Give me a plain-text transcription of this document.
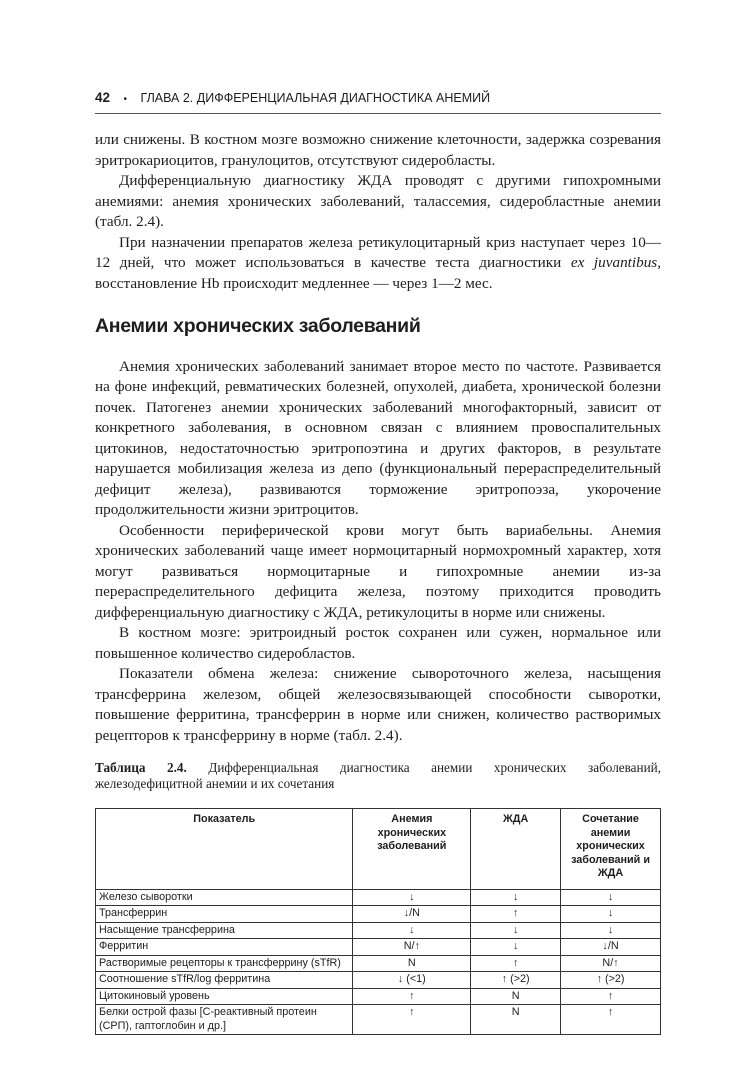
42 • ГЛАВА 2. ДИФФЕРЕНЦИАЛЬНАЯ ДИАГНОСТИКА АНЕМИЙ

или снижены. В костном мозге возможно снижение клеточности, задержка созревания эритрокариоцитов, гранулоцитов, отсутствуют сидеробласты.

Дифференциальную диагностику ЖДА проводят с другими гипохромными анемиями: анемия хронических заболеваний, талассемия, сидеробластные анемии (табл. 2.4).

При назначении препаратов железа ретикулоцитарный криз наступает через 10—12 дней, что может использоваться в качестве теста диагностики ex juvantibus, восстановление Hb происходит медленнее — через 1—2 мес.

Анемии хронических заболеваний

Анемия хронических заболеваний занимает второе место по частоте. Развивается на фоне инфекций, ревматических болезней, опухолей, диабета, хронической болезни почек. Патогенез анемии хронических заболеваний многофакторный, зависит от конкретного заболевания, в основном связан с влиянием провоспалительных цитокинов, недостаточностью эритропоэтина и других факторов, в результате нарушается мобилизация железа из депо (функциональный перераспределительный дефицит железа), развиваются торможение эритропоэза, укорочение продолжительности жизни эритроцитов.

Особенности периферической крови могут быть вариабельны. Анемия хронических заболеваний чаще имеет нормоцитарный нормохромный характер, хотя могут развиваться нормоцитарные и гипохромные анемии из-за перераспределительного дефицита железа, поэтому приходится проводить дифференциальную диагностику с ЖДА, ретикулоциты в норме или снижены.

В костном мозге: эритроидный росток сохранен или сужен, нормальное или повышенное количество сидеробластов.

Показатели обмена железа: снижение сывороточного железа, насыщения трансферрина железом, общей железосвязывающей способности сыворотки, повышение ферритина, трансферрин в норме или снижен, количество растворимых рецепторов к трансферрину в норме (табл. 2.4).

Таблица 2.4. Дифференциальная диагностика анемии хронических заболеваний, железодефицитной анемии и их сочетания
Показатель	Анемия хронических заболеваний	ЖДА	Сочетание анемии хронических заболеваний и ЖДА
Железо сыворотки	↓	↓	↓
Трансферрин	↓/N	↑	↓
Насыщение трансферрина	↓	↓	↓
Ферритин	N/↑	↓	↓/N
Растворимые рецепторы к трансферрину (sTfR)	N	↑	N/↑
Соотношение sTfR/log ферритина	↓ (<1)	↑ (>2)	↑ (>2)
Цитокиновый уровень	↑	N	↑
Белки острой фазы [С-реактивный протеин (СРП), гаптоглобин и др.]	↑	N	↑
